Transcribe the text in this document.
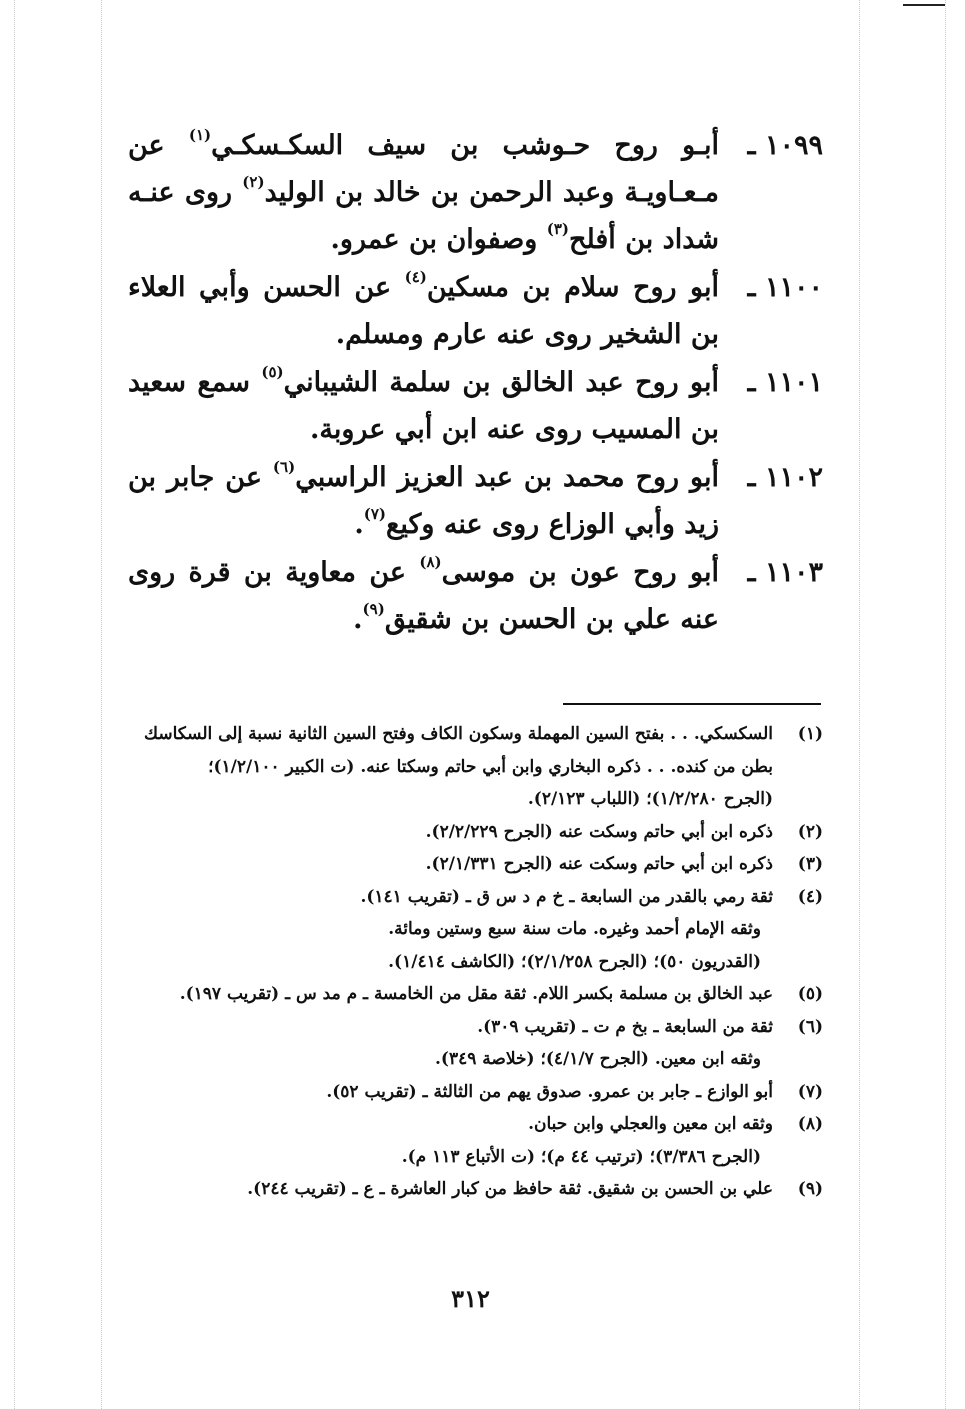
١٠٩٩ ـ
أبـو روح حـوشب بن سيف السكـسكـي$^{(١)}$ عن مـعـاويـة وعبد الرحمن بن خالد بن الوليد$^{(٢)}$ روى عنـه شداد بن أفلح$^{(٣)}$ وصفوان بن عمرو.
١١٠٠ ـ
أبو روح سلام بن مسكين$^{(٤)}$ عن الحسن وأبي العلاء بن الشخير روى عنه عارم ومسلم.
١١٠١ ـ
أبو روح عبد الخالق بن سلمة الشيباني$^{(٥)}$ سمع سعيد بن المسيب روى عنه ابن أبي عروبة.
١١٠٢ ـ
أبو روح محمد بن عبد العزيز الراسبي$^{(٦)}$ عن جابر بن زيد وأبي الوزاع روى عنه وكيع$^{(٧)}$.
١١٠٣ ـ
أبو روح عون بن موسى$^{(٨)}$ عن معاوية بن قرة روى عنه علي بن الحسن بن شقيق$^{(٩)}$.
(١)
السكسكي. . . بفتح السين المهملة وسكون الكاف وفتح السين الثانية نسبة إلى السكاسك
بطن من كنده. . . ذكره البخاري وابن أبي حاتم وسكتا عنه. (ت الكبير ١/٢/١٠٠)؛
(الجرح ١/٢/٢٨٠)؛ (اللباب ٢/١٢٣).
(٢)
ذكره ابن أبي حاتم وسكت عنه (الجرح ٢/٢/٢٢٩).
(٣)
ذكره ابن أبي حاتم وسكت عنه (الجرح ٢/١/٣٣١).
(٤)
ثقة رمي بالقدر من السابعة ـ خ م د س ق ـ (تقريب ١٤١).
وثقه الإمام أحمد وغيره. مات سنة سبع وستين ومائة.
(القدريون ٥٠)؛ (الجرح ٢/١/٢٥٨)؛ (الكاشف ١/٤١٤).
(٥)
عبد الخالق بن مسلمة بكسر اللام. ثقة مقل من الخامسة ـ م مد س ـ (تقريب ١٩٧).
(٦)
ثقة من السابعة ـ بخ م ت ـ (تقريب ٣٠٩).
وثقه ابن معين. (الجرح ٤/١/٧)؛ (خلاصة ٣٤٩).
(٧)
أبو الوازع ـ جابر بن عمرو. صدوق يهم من الثالثة ـ (تقريب ٥٢).
(٨)
وثقه ابن معين والعجلي وابن حبان.
(الجرح ٣/٣٨٦)؛ (ترتيب ٤٤ م)؛ (ت الأتباع ١١٣ م).
(٩)
علي بن الحسن بن شقيق. ثقة حافظ من كبار العاشرة ـ ع ـ (تقريب ٢٤٤).
٣١٢
